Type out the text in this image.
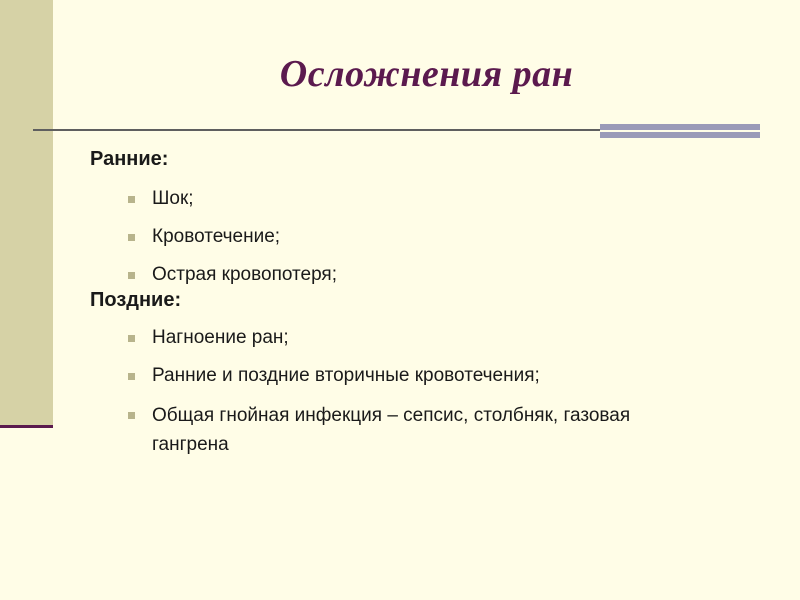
Осложнения ран
Ранние:
Шок;
Кровотечение;
Острая кровопотеря;
Поздние:
Нагноение ран;
Ранние и поздние вторичные кровотечения;
Общая гнойная инфекция – сепсис, столбняк, газовая гангрена
